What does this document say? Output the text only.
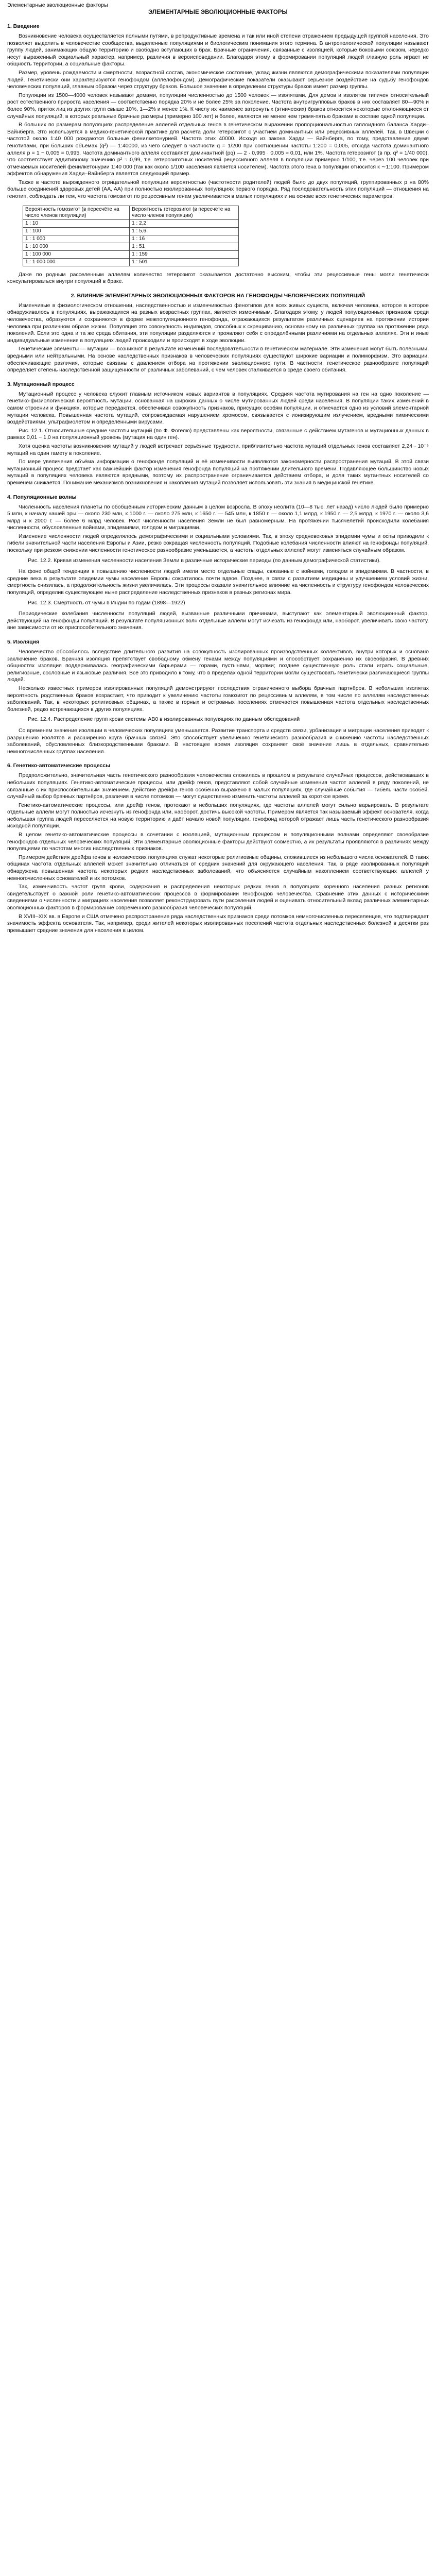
Элементарные эволюционные факторы
ЭЛЕМЕНТАРНЫЕ ЭВОЛЮЦИОННЫЕ ФАКТОРЫ
1. Введение
Возникновение человека осуществляется полными путями, в репродуктивные времена и так или иной степени отражением предыдущей группой населения. Это позволяет выделить в человечестве сообщества, выделенные популяциями и биологическим понимания этого термина. В антропологической популяции называют группу людей, занимающих общую территорию и свободно вступающих в брак. Брачные ограничения, связанные с изоляцией, которые боковыми союзом, нередко несут выраженный социальный характер, например, различия в вероисповедании. Благодаря этому в формировании популяций людей главную роль играет не общность территории, а социальные факторы.
Размер, уровень рождаемости и смертности, возрастной состав, экономическое состояние, уклад жизни являются демографическими показателями популяции людей. Генетически они характеризуются генофондом (аллелофондом). Демографические показатели оказывают серьезное воздействие на судьбу генофондов человеческих популяций, главным образом через структуру браков. Большое значение в определении структуры браков имеет размер группы.
Популяции из 1500—4000 человек называют демами, популяции численностью до 1500 человек — изолятами. Для демов и изолятов типичен относительный рост естественного прироста населения — соответственно порядка 20% и не более 25% за поколение. Частота внутригрупповых браков в них составляет 80—90% и более 90%, приток лиц из других групп свыше 10%, 1—2% и менее 1%. К числу их наименее затронутых (этнических) браков относится некоторые отклоняющиеся от случайных популяций, в которых реальные брачные размеры (примерно 100 лет) и более, являются не менее чем тремя-пятью браками в составе одной популяции.
В больших по размерам популяциях распределение аллелей отдельных генов в генетическом выражении пропорциональностью гаплоидного баланса Харди–Вайнберга. Это используется в медико-генетической практике для расчета доли гетерозигот с участием доминантных или рецессивных аллелей. Так, в Швеции с частотой около 1:40 000 рождаются больные фенилкетонурией. Частота этих 40000. Исходя из закона Харди — Вайнберга, по тому, представление двумя генотипами, при больших объемах (q²) — 1:40000, из чего следует в частности q = 1/200 при соотношении частоты 1:200 = 0,005, отсюда частота доминантного аллеля p = 1 − 0,005 = 0,995. Частота доминантного аллеля составляет доминантной (pq) — 2 · 0,995 · 0,005 ≈ 0,01, или 1%. Частота гетерозигот (в пр. q² = 1/40 000), что соответствует аддитивному значению p² ≈ 0,99, т.е. гетерозиготных носителей рецессивного аллеля в популяции примерно 1/100, т.е. через 100 человек при отмечаемых носителей фенилкетонурии 1:40 000 (так как около 1/100 населения является носителем). Частота этого гена в популяции относится к ∼1:100. Примером эффектов обнаружения Харди–Вайнберга является следующий пример.
Также в частоте вырожденного отрицательной популяции вероятностью (частотности родителей) людей было до двух популяций, группированных p на 80% больше соединений здоровых детей (AA, AA) при полностью изолированных популяциях первого порядка. Ряд последовательность этих популяций — отношения на генотип, соблюдать ли тем, что частота гомозигот по рецессивным генам увеличивается в малых популяциях и на основе всех генетических параметров.
Вероятность гомозигот (в пересчёте на число членов популяции)	Вероятность гетерозигот (в пересчёте на число членов популяции)
1 : 10	1 : 2,2
1 : 100	1 : 5,6
1 : 1 000	1 : 16
1 : 10 000	1 : 51
1 : 100 000	1 : 159
1 : 1 000 000	1 : 501
Даже по родным расселенным аллелям количество гетерозигот оказывается достаточно высоким, чтобы эти рецессивные гены могли генетически консультироваться внутри популяций в браке.
2. ВЛИЯНИЕ ЭЛЕМЕНТАРНЫХ ЭВОЛЮЦИОННЫХ ФАКТОРОВ НА ГЕНОФОНДЫ ЧЕЛОВЕЧЕСКИХ ПОПУЛЯЦИЙ
Изменчивые в физиологическом отношении, наследственностью и изменчивостью фенотипов для всех живых существ, включая человека, которое в которое обнаруживалось в популяциях, выражающихся на разных возрастных группах, является изменчивым. Благодаря этому, у людей популяционных признаков среди человечества, образуются и сохраняются в форме межпопуляционного генофонда, отражающихся результатом различных сценариев на протяжении истории человека при различном образе жизни. Популяция это совокупность индивидов, способных к скрещиванию, основанному на различных группах на протяжении ряда поколений. Если это одна и та же среда обитания, эти популяции разделяются и проявляют себя с определёнными различиями на отдельных аллелях. Эти и иные индивидуальные изменения в популяциях людей происходили и происходят в ходе эволюции.
Генетические элементы — мутации — возникают в результате изменений последовательности в генетическом материале. Эти изменения могут быть полезными, вредными или нейтральными. На основе наследственных признаков в человеческих популяциях существуют широкие вариации и полиморфизм. Это вариации, обеспечивающие различия, которые связаны с давлением отбора на протяжении эволюционного пути. В частности, генетическое разнообразие популяций определяет степень наследственной защищённости от различных заболеваний, с чем человек сталкивается в среде своего обитания.
3. Мутационный процесс
Мутационный процесс у человека служит главным источником новых вариантов в популяциях. Средняя частота мутирования на ген на одно поколение — генетико-физиологическая вероятность мутации, основанная на широких данных о числе мутированных людей среди населения. В популяции таких изменений в самом строении и функциях, которые передаются, обеспечивая совокупность признаков, присущих особям популяции, и отмечается одно из условий элементарной мутации человека. Повышенная частота мутаций, сопровождаемая нарушением хромосом, связывается с ионизирующим излучением, вредными химическими воздействиями, ультрафиолетом и определёнными вирусами.
Рис. 12.1. Относительные средние частоты мутаций (по Ф. Фогелю) представлены как вероятности, связанные с действием мутагенов и мутационных данных в рамках 0,01 − 1,0 на популяционный уровень (мутация на один ген).
Хотя оценка частоты возникновения мутаций у людей встречает серьёзные трудности, приблизительно частота мутаций отдельных генов составляет 2,24 · 10⁻⁵ мутаций на один гамету в поколение.
По мере увеличения объёма информации о генофонде популяций и её изменчивости выявляются закономерности распространения мутаций. В этой связи мутационный процесс предстаёт как важнейший фактор изменения генофонда популяций на протяжении длительного времени. Подавляющее большинство новых мутаций в популяциях человека являются вредными, поэтому их распространение ограничивается действием отбора, и доля таких мутантных носителей со временем снижается. Понимание механизмов возникновения и накопления мутаций позволяет использовать эти знания в медицинской генетике.
4. Популяционные волны
Численность населения планеты по обобщённым историческим данным в целом возросла. В эпоху неолита (10—8 тыс. лет назад) число людей было примерно 5 млн, к началу нашей эры — около 230 млн, к 1000 г. — около 275 млн, к 1650 г. — 545 млн, к 1850 г. — около 1,1 млрд, к 1950 г. — 2,5 млрд, к 1970 г. — около 3,6 млрд и к 2000 г. — более 6 млрд человек. Рост численности населения Земли не был равномерным. На протяжении тысячелетий происходили колебания численности, обусловленные войнами, эпидемиями, голодом и миграциями.
Изменение численности людей определялось демографическими и социальными условиями. Так, в эпоху средневековья эпидемии чумы и оспы приводили к гибели значительной части населения Европы и Азии, резко сокращая численность популяций. Подобные колебания численности влияют на генофонды популяций, поскольку при резком снижении численности генетическое разнообразие уменьшается, а частоты отдельных аллелей могут изменяться случайным образом.
Рис. 12.2. Кривая изменения численности населения Земли в различные исторические периоды (по данным демографической статистики).
На фоне общей тенденции к повышению численности людей имели место отдельные спады, связанные с войнами, голодом и эпидемиями. В частности, в средние века в результате эпидемии чумы население Европы сократилось почти вдвое. Позднее, в связи с развитием медицины и улучшением условий жизни, смертность снизилась, а продолжительность жизни увеличилась. Эти процессы оказали значительное влияние на численность и структуру генофондов человеческих популяций, определив существующее ныне распределение наследственных признаков в разных регионах мира.
Рис. 12.3. Смертность от чумы в Индии по годам (1898—1922)
Периодические колебания численности популяций людей, вызванные различными причинами, выступают как элементарный эволюционный фактор, действующий на генофонды популяций. В результате популяционных волн отдельные аллели могут исчезать из генофонда или, наоборот, увеличивать свою частоту, вне зависимости от их приспособительного значения.
5. Изоляция
Человечество обособилось вследствие длительного развития на совокупность изолированных производственных коллективов, внутри которых и основано заключение браков. Брачная изоляция препятствует свободному обмену генами между популяциями и способствует сохранению их своеобразия. В древних общностях изоляция поддерживалась географическими барьерами — горами, пустынями, морями; позднее существенную роль стали играть социальные, религиозные, сословные и языковые различия. Всё это приводило к тому, что в пределах одной территории могли существовать генетически различающиеся группы людей.
Несколько известных примеров изолированных популяций демонстрируют последствия ограниченного выбора брачных партнёров. В небольших изолятах вероятность родственных браков возрастает, что приводит к увеличению частоты гомозигот по рецессивным аллелям, в том числе по аллелям наследственных заболеваний. Так, в некоторых религиозных общинах, а также в горных и островных поселениях отмечается повышенная частота отдельных наследственных болезней, редко встречающихся в других популяциях.
Рис. 12.4. Распределение групп крови системы АВ0 в изолированных популяциях по данным обследований
Со временем значение изоляции в человеческих популяциях уменьшается. Развитие транспорта и средств связи, урбанизация и миграции населения приводят к разрушению изолятов и расширению круга брачных связей. Это способствует увеличению генетического разнообразия и снижению частоты наследственных заболеваний, обусловленных близкородственными браками. В настоящее время изоляция сохраняет своё значение лишь в отдельных, сравнительно немногочисленных группах населения.
6. Генетико-автоматические процессы
Предположительно, значительная часть генетического разнообразия человечества сложилась в прошлом в результате случайных процессов, действовавших в небольших популяциях. Генетико-автоматические процессы, или дрейф генов, представляют собой случайные изменения частот аллелей в ряду поколений, не связанные с их приспособительным значением. Действие дрейфа генов особенно выражено в малых популяциях, где случайные события — гибель части особей, случайный выбор брачных партнёров, различия в числе потомков — могут существенно изменить частоты аллелей за короткое время.
Генетико-автоматические процессы, или дрейф генов, протекают в небольших популяциях, где частоты аллелей могут сильно варьировать. В результате отдельные аллели могут полностью исчезнуть из генофонда или, наоборот, достичь высокой частоты. Примером является так называемый эффект основателя, когда небольшая группа людей переселяется на новую территорию и даёт начало новой популяции, генофонд которой отражает лишь часть генетического разнообразия исходной популяции.
В целом генетико-автоматические процессы в сочетании с изоляцией, мутационным процессом и популяционными волнами определяют своеобразие генофондов отдельных человеческих популяций. Эти элементарные эволюционные факторы действуют совместно, а их результаты проявляются в различиях между популяциями по частотам многих наследственных признаков.
Примером действия дрейфа генов в человеческих популяциях служат некоторые религиозные общины, сложившиеся из небольшого числа основателей. В таких общинах частота отдельных аллелей может значительно отличаться от средних значений для окружающего населения. Так, в ряде изолированных популяций обнаружена повышенная частота некоторых редких наследственных заболеваний, что объясняется случайным накоплением соответствующих аллелей у немногочисленных основателей и их потомков.
Так, изменчивость частот групп крови, содержания и распределения некоторых редких генов в популяциях коренного населения разных регионов свидетельствует о важной роли генетико-автоматических процессов в формировании генофондов человечества. Сравнение этих данных с историческими сведениями о численности и миграциях населения позволяет реконструировать пути расселения людей и оценивать относительный вклад различных элементарных эволюционных факторов в формирование современного разнообразия человеческих популяций.
В XVIII–XIX вв. в Европе и США отмечено распространение ряда наследственных признаков среди потомков немногочисленных переселенцев, что подтверждает значимость эффекта основателя. Так, например, среди жителей некоторых изолированных поселений частота отдельных наследственных болезней в десятки раз превышает средние значения для населения в целом.
